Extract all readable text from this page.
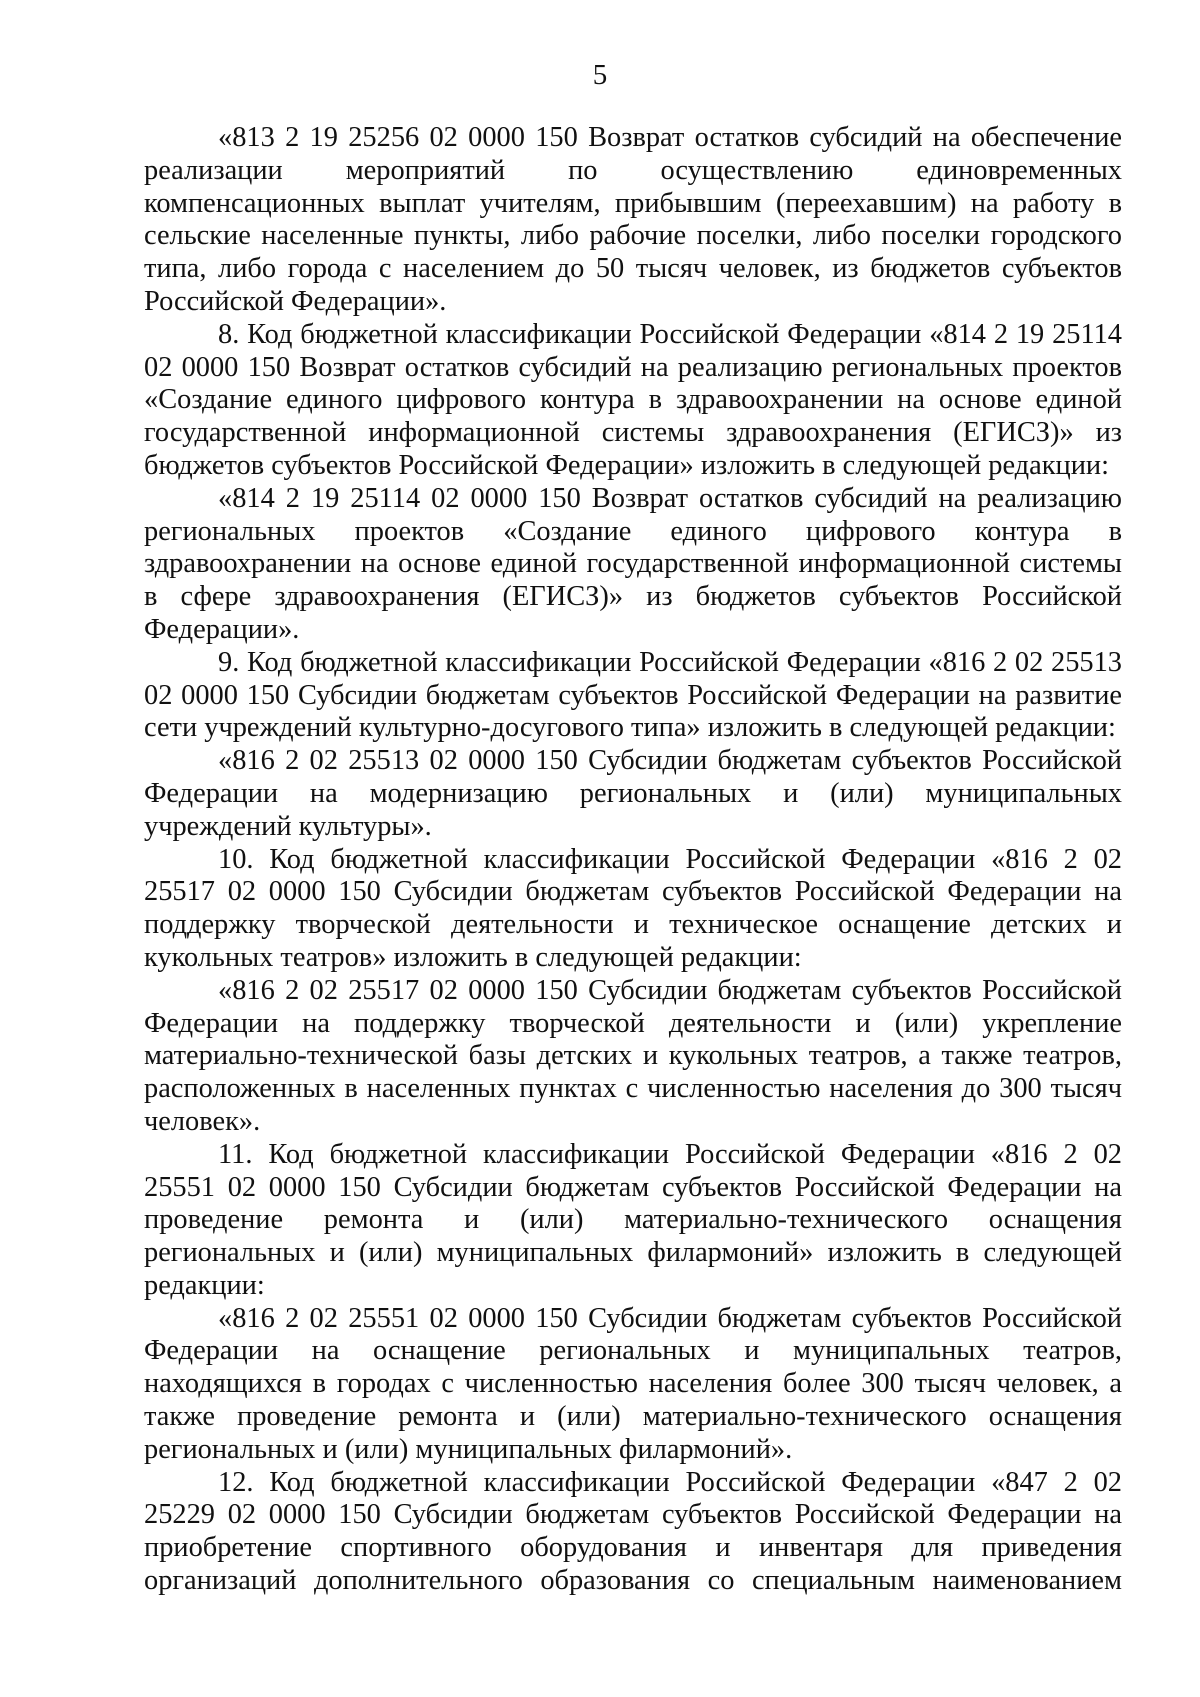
5

«813 2 19 25256 02 0000 150 Возврат остатков субсидий на обеспечение реализации мероприятий по осуществлению единовременных компенсационных выплат учителям, прибывшим (переехавшим) на работу в сельские населенные пункты, либо рабочие поселки, либо поселки городского типа, либо города с населением до 50 тысяч человек, из бюджетов субъектов Российской Федерации».

8. Код бюджетной классификации Российской Федерации «814 2 19 25114 02 0000 150 Возврат остатков субсидий на реализацию региональных проектов «Создание единого цифрового контура в здравоохранении на основе единой государственной информационной системы здравоохранения (ЕГИСЗ)» из бюджетов субъектов Российской Федерации» изложить в следующей редакции:

«814 2 19 25114 02 0000 150 Возврат остатков субсидий на реализацию региональных проектов «Создание единого цифрового контура в здравоохранении на основе единой государственной информационной системы в сфере здравоохранения (ЕГИСЗ)» из бюджетов субъектов Российской Федерации».

9. Код бюджетной классификации Российской Федерации «816 2 02 25513 02 0000 150 Субсидии бюджетам субъектов Российской Федерации на развитие сети учреждений культурно-досугового типа» изложить в следующей редакции:

«816 2 02 25513 02 0000 150 Субсидии бюджетам субъектов Российской Федерации на модернизацию региональных и (или) муниципальных учреждений культуры».

10. Код бюджетной классификации Российской Федерации «816 2 02 25517 02 0000 150 Субсидии бюджетам субъектов Российской Федерации на поддержку творческой деятельности и техническое оснащение детских и кукольных театров» изложить в следующей редакции:

«816 2 02 25517 02 0000 150 Субсидии бюджетам субъектов Российской Федерации на поддержку творческой деятельности и (или) укрепление материально-технической базы детских и кукольных театров, а также театров, расположенных в населенных пунктах с численностью населения до 300 тысяч человек».

11. Код бюджетной классификации Российской Федерации «816 2 02 25551 02 0000 150 Субсидии бюджетам субъектов Российской Федерации на проведение ремонта и (или) материально-технического оснащения региональных и (или) муниципальных филармоний» изложить в следующей редакции:

«816 2 02 25551 02 0000 150 Субсидии бюджетам субъектов Российской Федерации на оснащение региональных и муниципальных театров, находящихся в городах с численностью населения более 300 тысяч человек, а также проведение ремонта и (или) материально-технического оснащения региональных и (или) муниципальных филармоний».

12. Код бюджетной классификации Российской Федерации «847 2 02 25229 02 0000 150 Субсидии бюджетам субъектов Российской Федерации на приобретение спортивного оборудования и инвентаря для приведения организаций дополнительного образования со специальным наименованием
